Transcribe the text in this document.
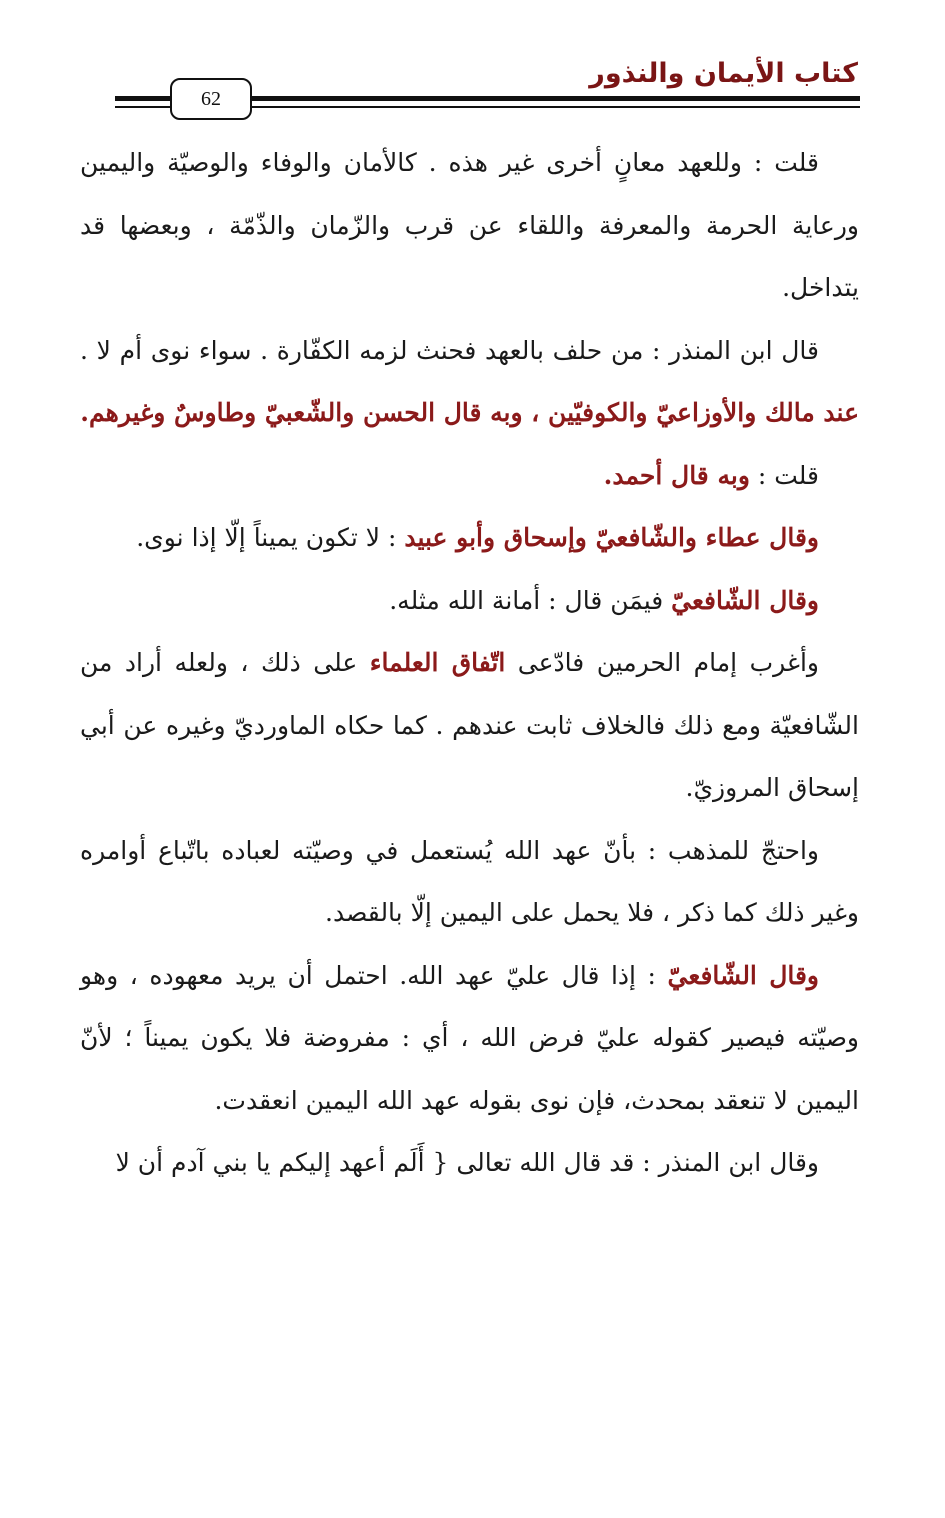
كتاب الأيمان والنذور
62

قلت : وللعهد معانٍ أخرى غير هذه . كالأمان والوفاء والوصيّة واليمين ورعاية الحرمة والمعرفة واللقاء عن قرب والزّمان والذّمّة ، وبعضها قد يتداخل.

قال ابن المنذر : من حلف بالعهد فحنث لزمه الكفّارة . سواء نوى أم لا . عند مالك والأوزاعيّ والكوفيّين ، وبه قال الحسن والشّعبيّ وطاوسٌ وغيرهم.

قلت : وبه قال أحمد.

وقال عطاء والشّافعيّ وإسحاق وأبو عبيد : لا تكون يميناً إلّا إذا نوى.

وقال الشّافعيّ فيمَن قال : أمانة الله مثله.

وأغرب إمام الحرمين فادّعى اتّفاق العلماء على ذلك ، ولعله أراد من الشّافعيّة ومع ذلك فالخلاف ثابت عندهم . كما حكاه الماورديّ وغيره عن أبي إسحاق المروزيّ.

واحتجّ للمذهب : بأنّ عهد الله يُستعمل في وصيّته لعباده باتّباع أوامره وغير ذلك كما ذكر ، فلا يحمل على اليمين إلّا بالقصد.

وقال الشّافعيّ : إذا قال عليّ عهد الله. احتمل أن يريد معهوده ، وهو وصيّته فيصير كقوله عليّ فرض الله ، أي : مفروضة فلا يكون يميناً ؛ لأنّ اليمين لا تنعقد بمحدث، فإن نوى بقوله عهد الله اليمين انعقدت.

وقال ابن المنذر : قد قال الله تعالى { أَلَم أعهد إليكم يا بني آدم أن لا
